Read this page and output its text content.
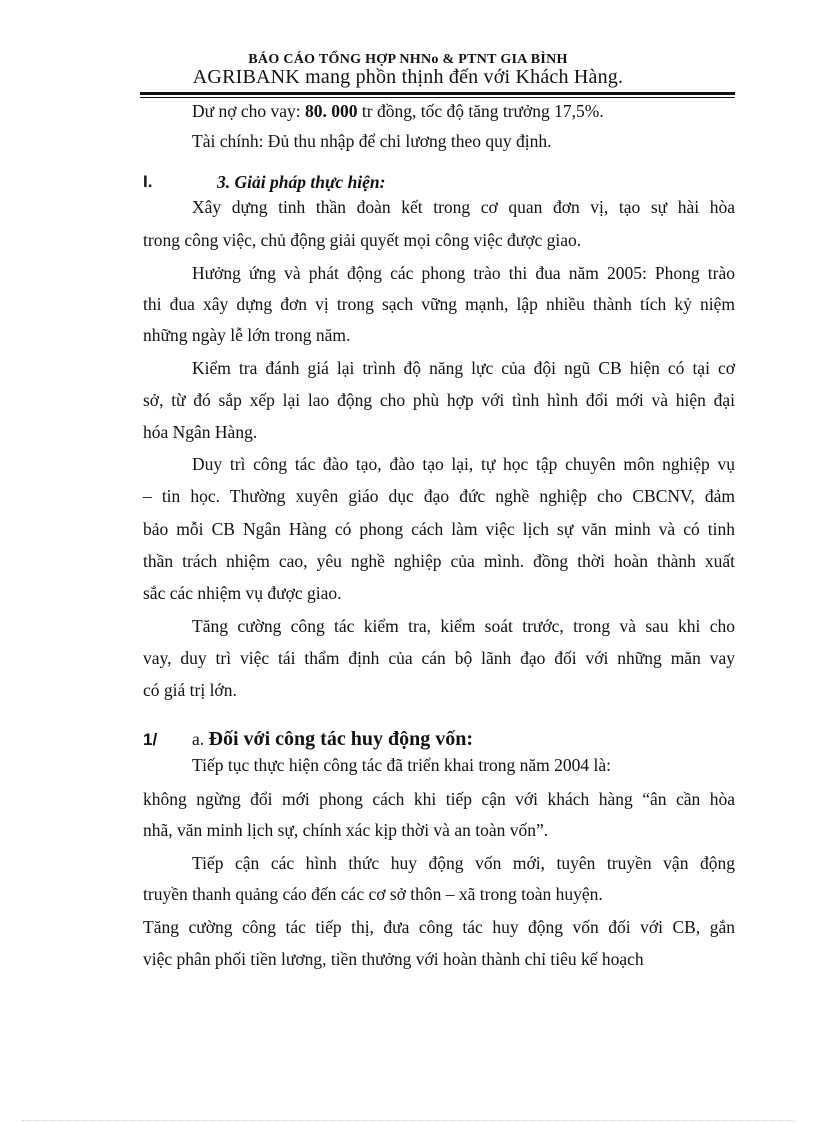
BÁO CÁO TỔNG HỢP NHNo & PTNT GIA BÌNH
AGRIBANK mang phồn thịnh đến với Khách Hàng.
Dư nợ cho vay: 80. 000 tr đồng, tốc độ tăng trưởng 17,5%.
Tài chính: Đủ thu nhập để chi lương theo quy định.
I.	3. Giải pháp thực hiện:
Xây dựng tinh thần đoàn kết trong cơ quan đơn vị, tạo sự hài hòa
trong công việc, chủ động giải quyết mọi công việc được giao.
Hưởng ứng và phát động các phong trào thi đua năm 2005: Phong trào
thi đua xây dựng đơn vị trong sạch vững mạnh, lập nhiều thành tích kỷ niệm
những ngày lễ lớn trong năm.
Kiểm tra đánh giá lại trình độ năng lực của đội ngũ CB hiện có tại cơ
sở, từ đó sắp xếp lại lao động cho phù hợp với tình hình đổi mới và hiện đại
hóa Ngân Hàng.
Duy trì công tác đào tạo, đào tạo lại, tự học tập chuyên môn nghiệp vụ
– tin học. Thường xuyên giáo dục đạo đức nghề nghiệp cho CBCNV, đảm
bảo mỗi CB Ngân Hàng có phong cách làm việc lịch sự văn minh và có tinh
thần trách nhiệm cao, yêu nghề nghiệp của mình. đồng thời hoàn thành xuất
sắc các nhiệm vụ được giao.
Tăng cường công tác kiểm tra, kiểm soát trước, trong và sau khi cho
vay, duy trì việc tái thẩm định của cán bộ lãnh đạo đối với những măn vay
có giá trị lớn.
1/ a. Đối với công tác huy động vốn:
Tiếp tục thực hiện công tác đã triển khai trong năm 2004 là:
không ngừng đổi mới phong cách khi tiếp cận với khách hàng “ân cần hòa
nhã, văn minh lịch sự, chính xác kịp thời và an toàn vốn”.
Tiếp cận các hình thức huy động vốn mới, tuyên truyền vận động
truyền thanh quảng cáo đến các cơ sở thôn – xã trong toàn huyện.
Tăng cường công tác tiếp thị, đưa công tác huy động vốn đối với CB, gắn
việc phân phối tiền lương, tiền thưởng với hoàn thành chỉ tiêu kế hoạch
